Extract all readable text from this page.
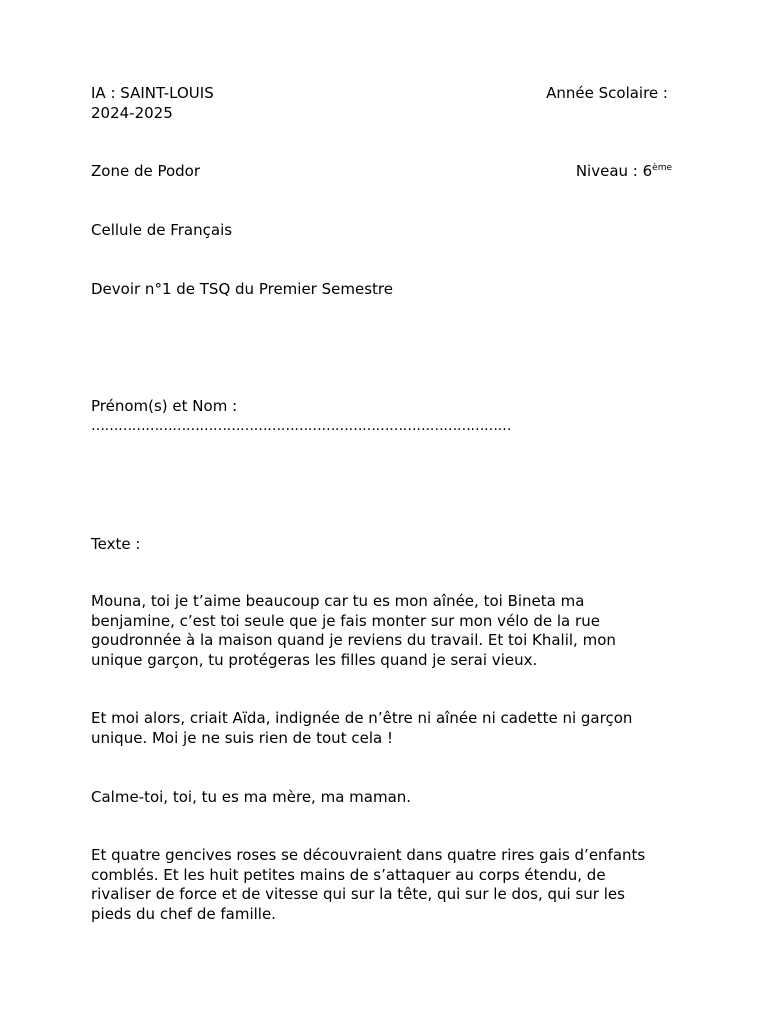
IA : SAINT-LOUIS	Année Scolaire :
2024-2025
Zone de Podor	Niveau : 6ème
Cellule de Français
Devoir n°1 de TSQ du Premier Semestre
Prénom(s) et Nom :
…………………………………………………………………………………
Texte :

Mouna, toi je t’aime beaucoup car tu es mon aînée, toi Bineta ma

benjamine, c’est toi seule que je fais monter sur mon vélo de la rue

goudronnée à la maison quand je reviens du travail. Et toi Khalil, mon

unique garçon, tu protégeras les filles quand je serai vieux.

Et moi alors, criait Aïda, indignée de n’être ni aînée ni cadette ni garçon

unique. Moi je ne suis rien de tout cela !

Calme-toi, toi, tu es ma mère, ma maman.

Et quatre gencives roses se découvraient dans quatre rires gais d’enfants

comblés. Et les huit petites mains de s’attaquer au corps étendu, de

rivaliser de force et de vitesse qui sur la tête, qui sur le dos, qui sur les

pieds du chef de famille.
